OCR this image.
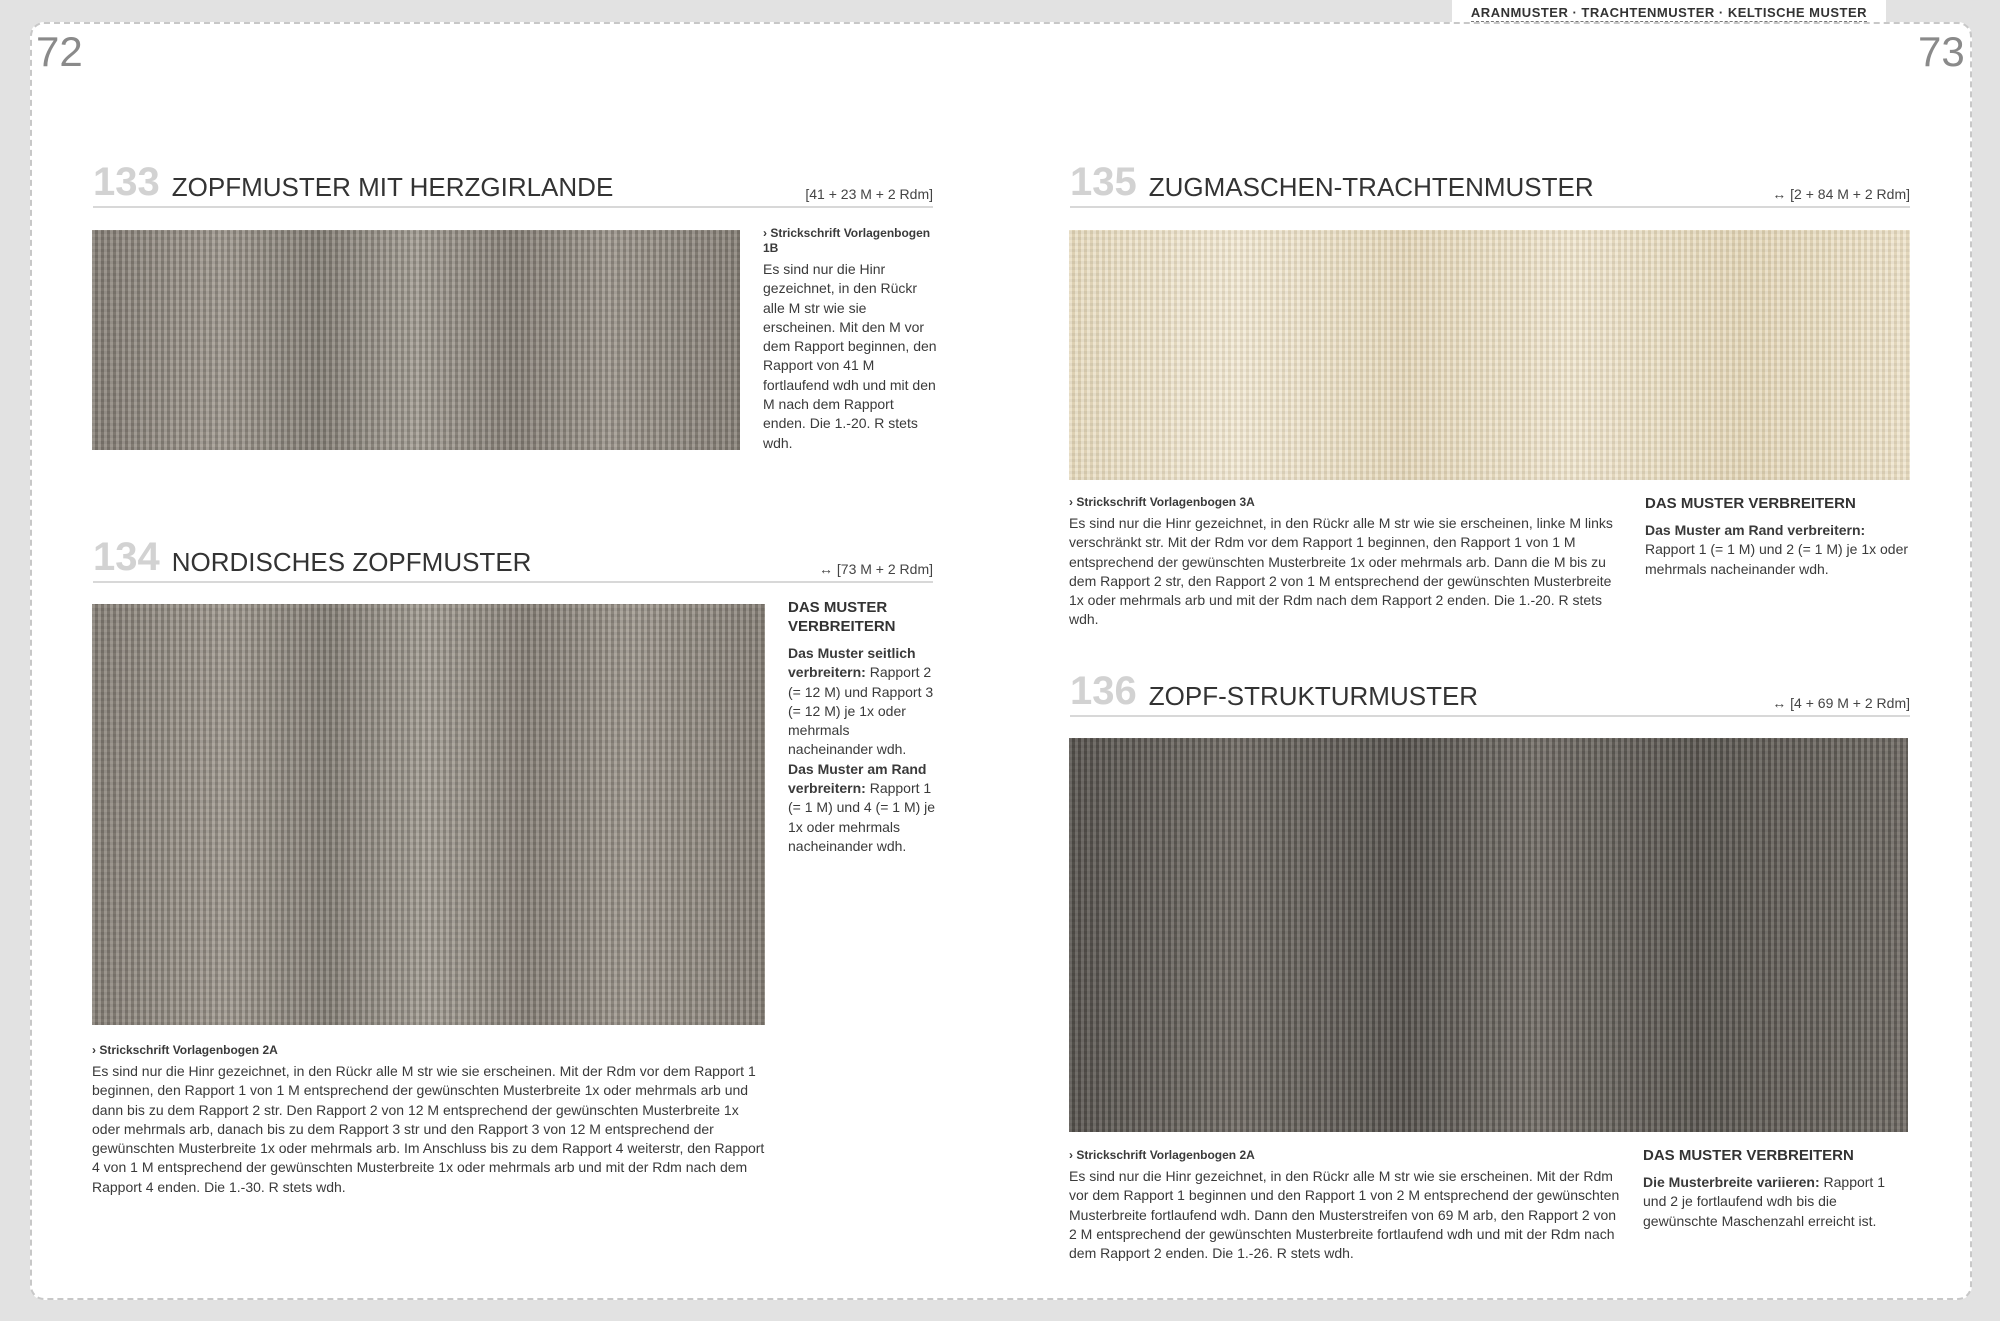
ARANMUSTER · TRACHTENMUSTER · KELTISCHE MUSTER
72	73
133 ZOPFMUSTER MIT HERZGIRLANDE	[41 + 23 M + 2 Rdm]
› Strickschrift Vorlagenbogen 1B
Es sind nur die Hinr gezeichnet, in den Rückr alle M str wie sie erscheinen. Mit den M vor dem Rapport beginnen, den Rapport von 41 M fortlaufend wdh und mit den M nach dem Rapport enden. Die 1.-20. R stets wdh.
134 NORDISCHES ZOPFMUSTER	↔ [73 M + 2 Rdm]
DAS MUSTER VERBREITERN
Das Muster seitlich verbreitern: Rapport 2 (= 12 M) und Rapport 3 (= 12 M) je 1x oder mehrmals nacheinander wdh.
Das Muster am Rand verbreitern: Rapport 1 (= 1 M) und 4 (= 1 M) je 1x oder mehrmals nacheinander wdh.
› Strickschrift Vorlagenbogen 2A
Es sind nur die Hinr gezeichnet, in den Rückr alle M str wie sie erscheinen. Mit der Rdm vor dem Rapport 1 beginnen, den Rapport 1 von 1 M entsprechend der gewünschten Musterbreite 1x oder mehrmals arb und dann bis zu dem Rapport 2 str. Den Rapport 2 von 12 M entsprechend der gewünschten Musterbreite 1x oder mehrmals arb, danach bis zu dem Rapport 3 str und den Rapport 3 von 12 M entsprechend der gewünschten Musterbreite 1x oder mehrmals arb. Im Anschluss bis zu dem Rapport 4 weiterstr, den Rapport 4 von 1 M entsprechend der gewünschten Musterbreite 1x oder mehrmals arb und mit der Rdm nach dem Rapport 4 enden. Die 1.-30. R stets wdh.
135 ZUGMASCHEN-TRACHTENMUSTER	↔ [2 + 84 M + 2 Rdm]
› Strickschrift Vorlagenbogen 3A
Es sind nur die Hinr gezeichnet, in den Rückr alle M str wie sie erscheinen, linke M links verschränkt str. Mit der Rdm vor dem Rapport 1 beginnen, den Rapport 1 von 1 M entsprechend der gewünschten Musterbreite 1x oder mehrmals arb. Dann die M bis zu dem Rapport 2 str, den Rapport 2 von 1 M entsprechend der gewünschten Musterbreite 1x oder mehrmals arb und mit der Rdm nach dem Rapport 2 enden. Die 1.-20. R stets wdh.
DAS MUSTER VERBREITERN
Das Muster am Rand verbreitern:
Rapport 1 (= 1 M) und 2 (= 1 M) je 1x oder mehrmals nacheinander wdh.
136 ZOPF-STRUKTURMUSTER	↔ [4 + 69 M + 2 Rdm]
› Strickschrift Vorlagenbogen 2A
Es sind nur die Hinr gezeichnet, in den Rückr alle M str wie sie erscheinen. Mit der Rdm vor dem Rapport 1 beginnen und den Rapport 1 von 2 M entsprechend der gewünschten Musterbreite fortlaufend wdh. Dann den Musterstreifen von 69 M arb, den Rapport 2 von 2 M entsprechend der gewünschten Musterbreite fortlaufend wdh und mit der Rdm nach dem Rapport 2 enden. Die 1.-26. R stets wdh.
DAS MUSTER VERBREITERN
Die Musterbreite variieren: Rapport 1 und 2 je fortlaufend wdh bis die gewünschte Maschenzahl erreicht ist.
